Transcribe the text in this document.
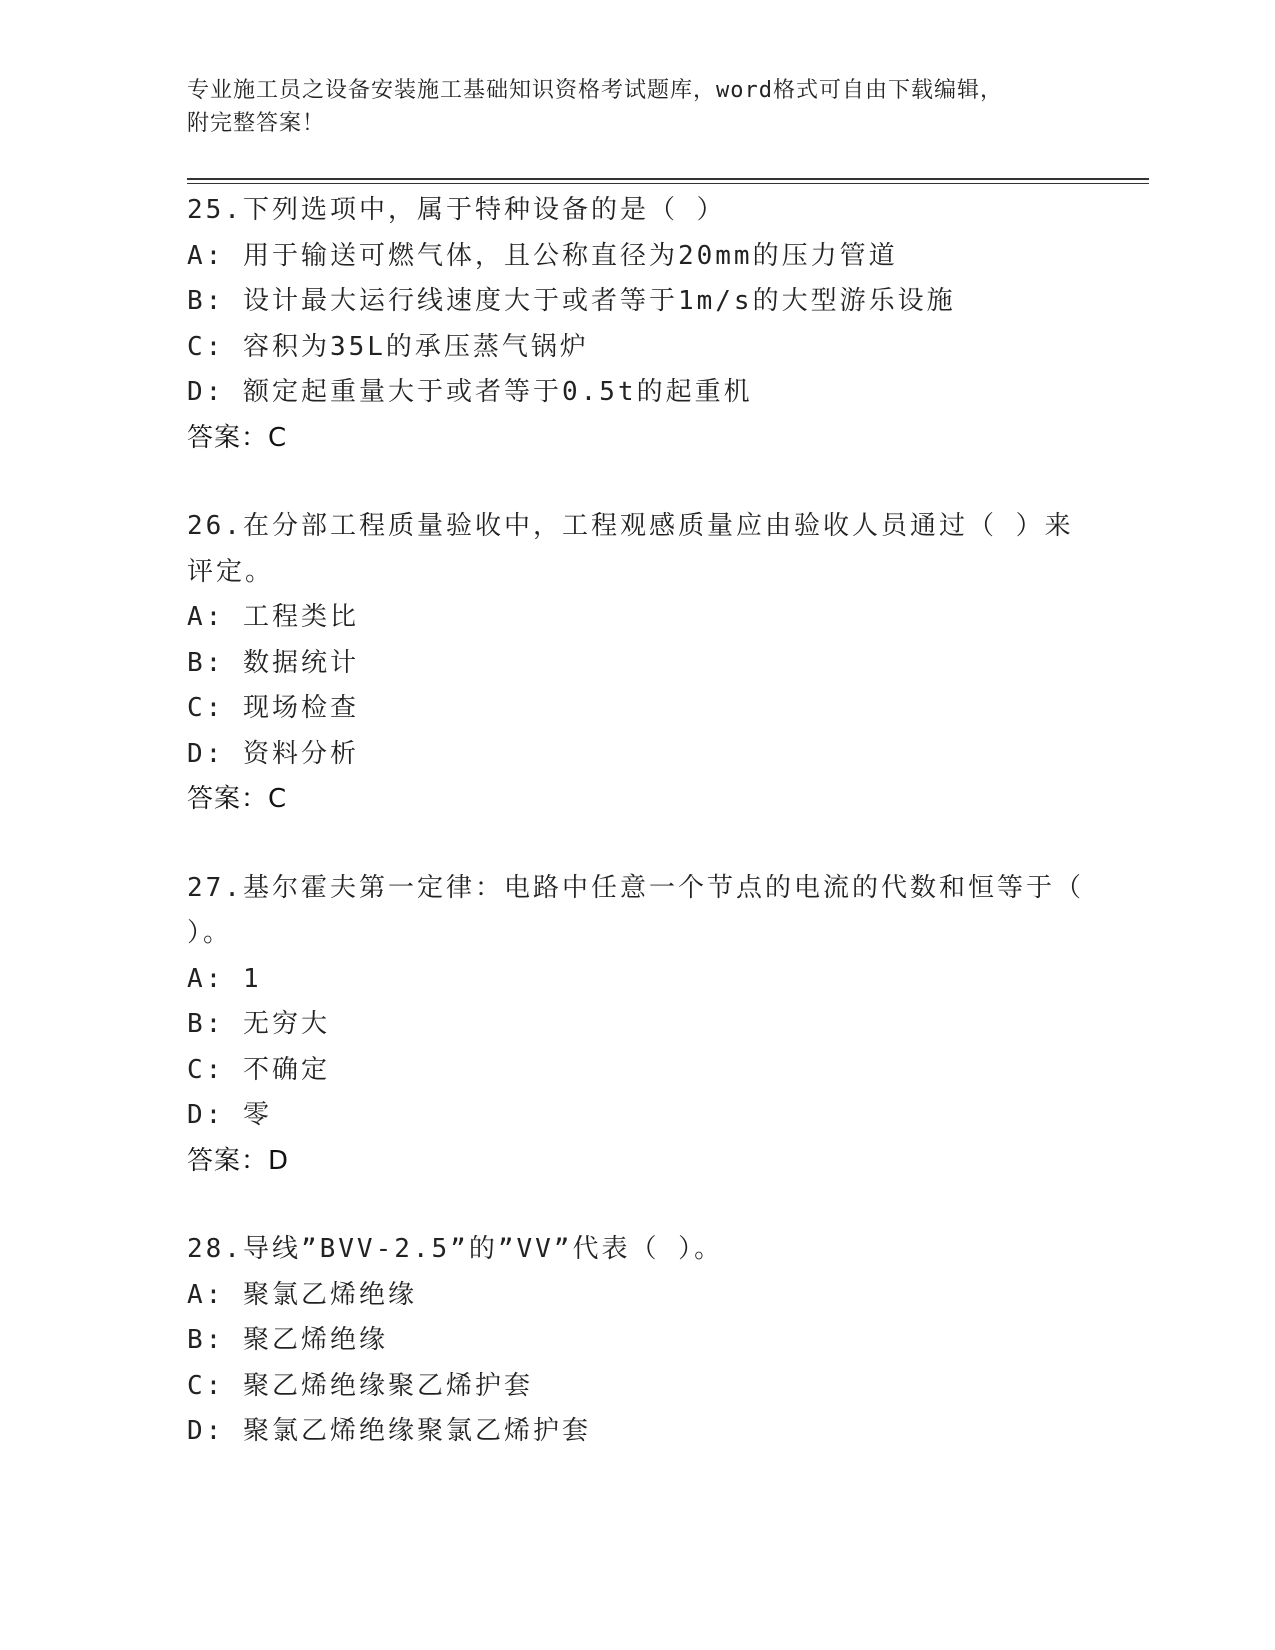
专业施工员之设备安装施工基础知识资格考试题库，word格式可自由下载编辑，
附完整答案！
25.下列选项中，属于特种设备的是（ ）
A: 用于输送可燃气体，且公称直径为20mm的压力管道
B: 设计最大运行线速度大于或者等于1m/s的大型游乐设施
C: 容积为35L的承压蒸气锅炉
D: 额定起重量大于或者等于0.5t的起重机
答案：C
26.在分部工程质量验收中，工程观感质量应由验收人员通过（ ）来
评定。
A: 工程类比
B: 数据统计
C: 现场检查
D: 资料分析
答案：C
27.基尔霍夫第一定律：电路中任意一个节点的电流的代数和恒等于（
）。
A: 1
B: 无穷大
C: 不确定
D: 零
答案：D
28.导线”BVV-2.5”的”VV”代表（ ）。
A: 聚氯乙烯绝缘
B: 聚乙烯绝缘
C: 聚乙烯绝缘聚乙烯护套
D: 聚氯乙烯绝缘聚氯乙烯护套
